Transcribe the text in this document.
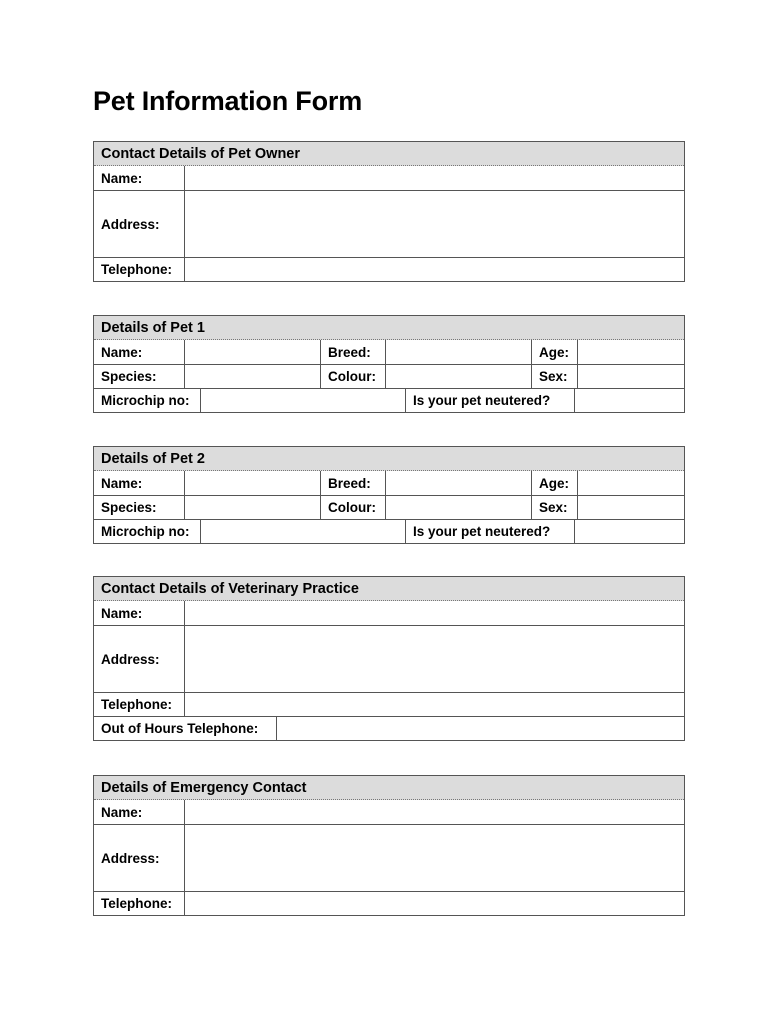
Pet Information Form
Contact Details of Pet Owner
Name:
Address:
Telephone:
Details of Pet 1
Name:	Breed:	Age:
Species:	Colour:	Sex:
Microchip no:	Is your pet neutered?
Details of Pet 2
Name:	Breed:	Age:
Species:	Colour:	Sex:
Microchip no:	Is your pet neutered?
Contact Details of Veterinary Practice
Name:
Address:
Telephone:
Out of Hours Telephone:
Details of Emergency Contact
Name:
Address:
Telephone:
